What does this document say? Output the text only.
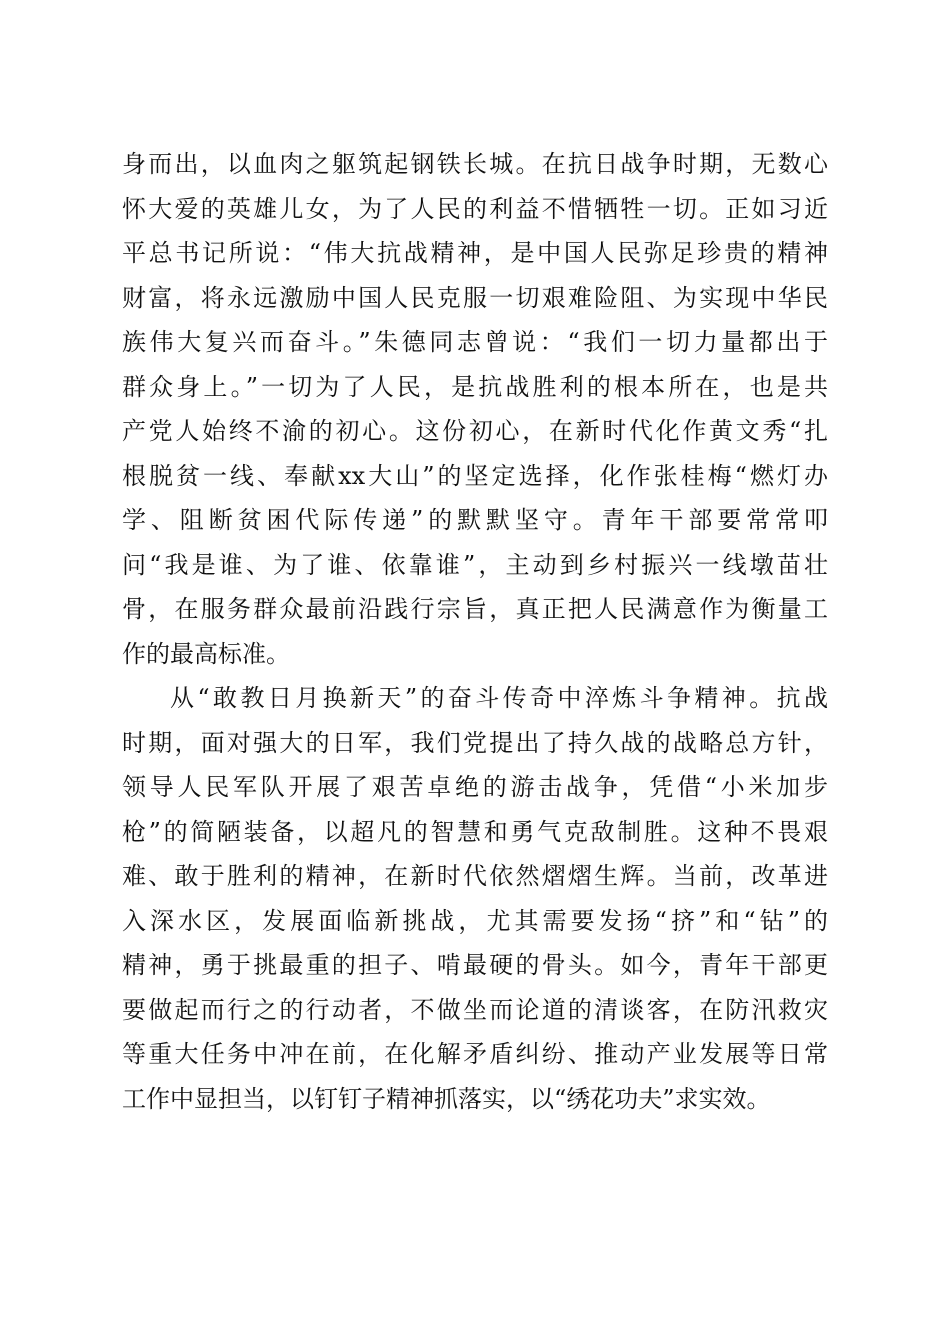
身而出，以血肉之躯筑起钢铁长城。在抗日战争时期，无数心
怀大爱的英雄儿女，为了人民的利益不惜牺牲一切。正如习近
平总书记所说：“伟大抗战精神，是中国人民弥足珍贵的精神
财富，将永远激励中国人民克服一切艰难险阻、为实现中华民
族伟大复兴而奋斗。”朱德同志曾说：“我们一切力量都出于
群众身上。”一切为了人民，是抗战胜利的根本所在，也是共
产党人始终不渝的初心。这份初心，在新时代化作黄文秀“扎
根脱贫一线、奉献xx大山”的坚定选择，化作张桂梅“燃灯办
学、阻断贫困代际传递”的默默坚守。青年干部要常常叩
问“我是谁、为了谁、依靠谁”，主动到乡村振兴一线墩苗壮
骨，在服务群众最前沿践行宗旨，真正把人民满意作为衡量工
作的最高标准。
从“敢教日月换新天”的奋斗传奇中淬炼斗争精神。抗战
时期，面对强大的日军，我们党提出了持久战的战略总方针，
领导人民军队开展了艰苦卓绝的游击战争，凭借“小米加步
枪”的简陋装备，以超凡的智慧和勇气克敌制胜。这种不畏艰
难、敢于胜利的精神，在新时代依然熠熠生辉。当前，改革进
入深水区，发展面临新挑战，尤其需要发扬“挤”和“钻”的
精神，勇于挑最重的担子、啃最硬的骨头。如今，青年干部更
要做起而行之的行动者，不做坐而论道的清谈客，在防汛救灾
等重大任务中冲在前，在化解矛盾纠纷、推动产业发展等日常
工作中显担当，以钉钉子精神抓落实，以“绣花功夫”求实效。
